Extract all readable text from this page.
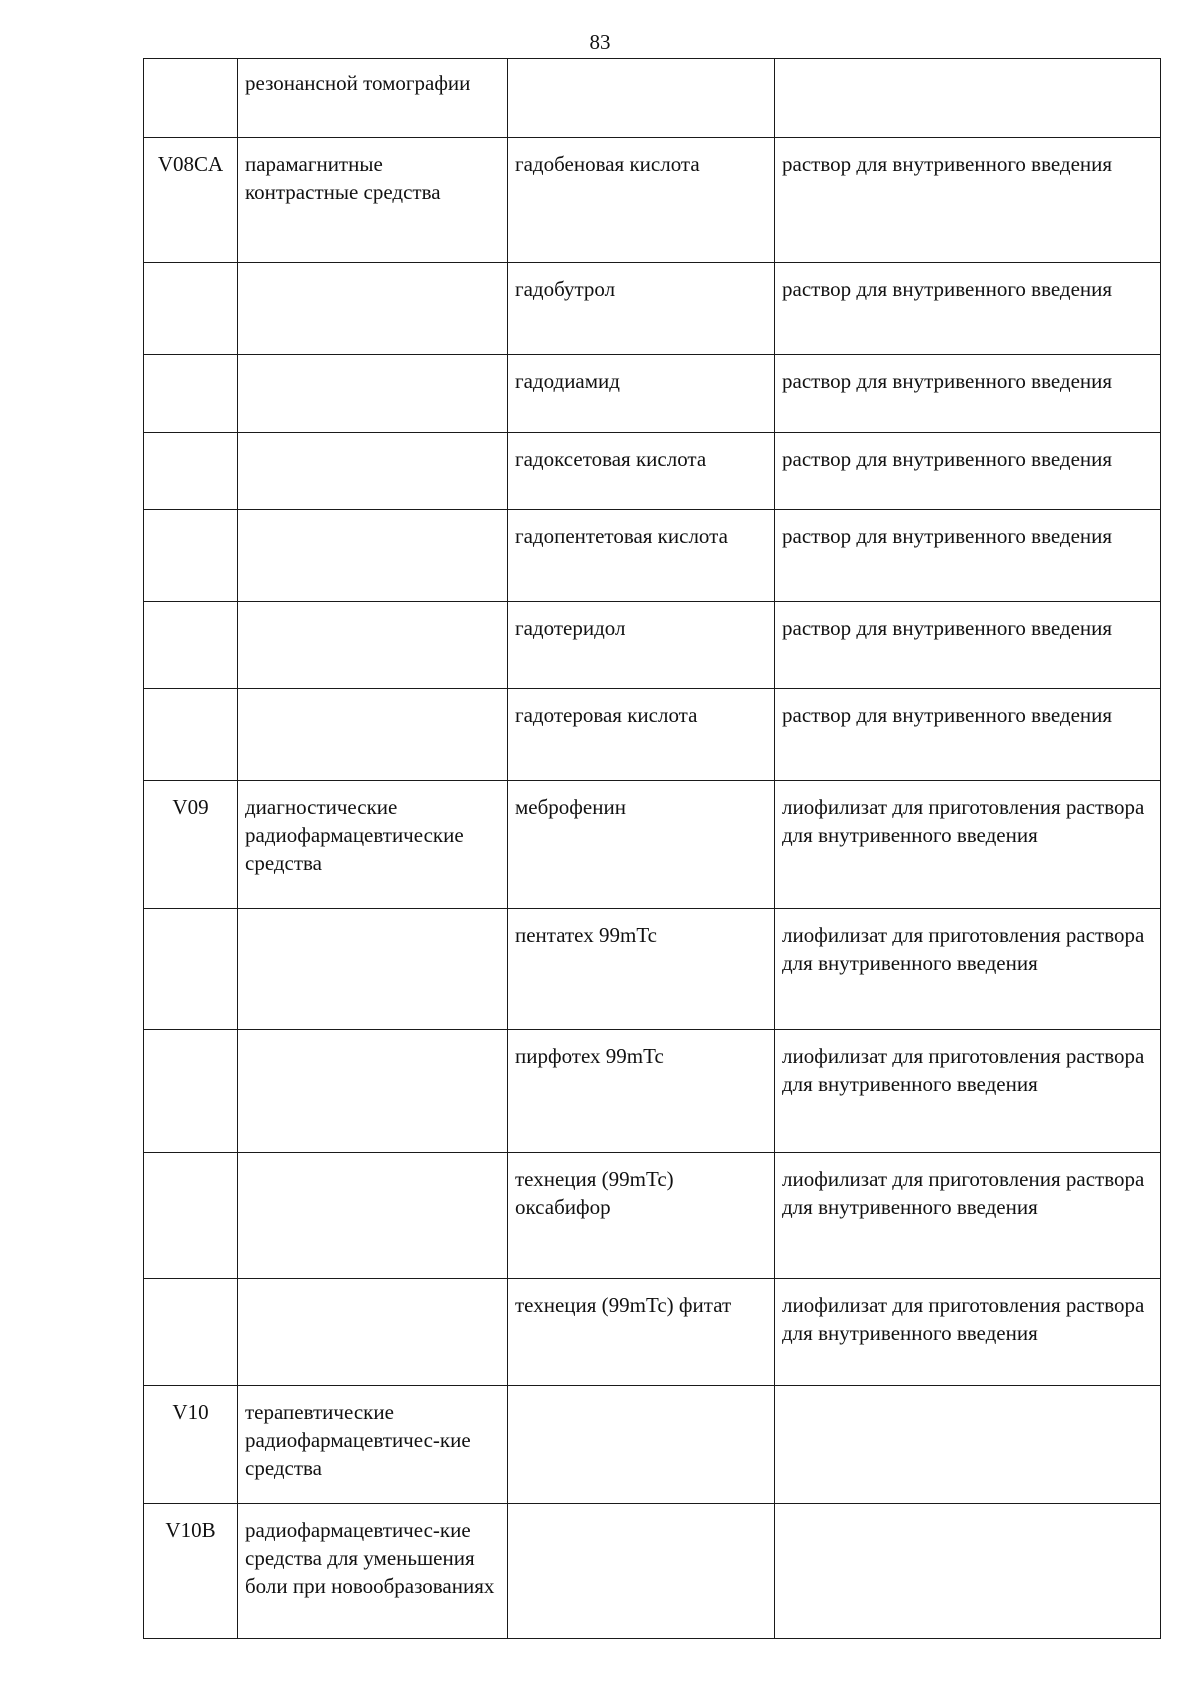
83
	резонансной томографии		
V08CA	парамагнитные контрастные средства	гадобеновая кислота	раствор для внутривенного введения
		гадобутрол	раствор для внутривенного введения
		гадодиамид	раствор для внутривенного введения
		гадоксетовая кислота	раствор для внутривенного введения
		гадопентетовая кислота	раствор для внутривенного введения
		гадотеридол	раствор для внутривенного введения
		гадотеровая кислота	раствор для внутривенного введения
V09	диагностические радиофармацевтические средства	меброфенин	лиофилизат для приготовления раствора для внутривенного введения
		пентатех 99mTc	лиофилизат для приготовления раствора для внутривенного введения
		пирфотех 99mTc	лиофилизат для приготовления раствора для внутривенного введения
		технеция (99mTc) оксабифор	лиофилизат для приготовления раствора для внутривенного введения
		технеция (99mTc) фитат	лиофилизат для приготовления раствора для внутривенного введения
V10	терапевтические радиофармацевтичес-кие средства		
V10B	радиофармацевтичес-кие средства для уменьшения боли при новообразованиях		
